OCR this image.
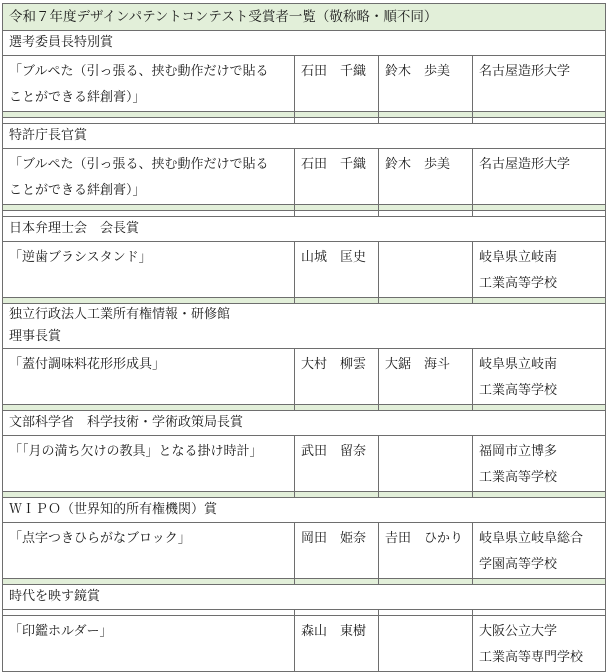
令和７年度デザインパテントコンテスト受賞者一覧（敬称略・順不同）			
選考委員長特別賞			

「ブルペた（引っ張る、挟む動作だけで貼る
ことができる絆創膏）」	石田　千織	鈴木　歩美	名古屋造形大学

特許庁長官賞			

「ブルペた（引っ張る、挟む動作だけで貼る
ことができる絆創膏）」	石田　千織	鈴木　歩美	名古屋造形大学

日本弁理士会　会長賞			

「逆歯ブラシスタンド」	山城　匡史		岐阜県立岐南
工業高等学校

独立行政法人工業所有権情報・研修館
理事長賞			

「蓋付調味料花形形成具」	大村　柳雲	大鋸　海斗	岐阜県立岐南
工業高等学校

文部科学省　科学技術・学術政策局長賞			

「「月の満ち欠けの教具」となる掛け時計」	武田　留奈		福岡市立博多
工業高等学校

ＷＩＰＯ（世界知的所有権機関）賞			

「点字つきひらがなブロック」	岡田　姫奈	𠮷田　ひかり	岐阜県立岐阜総合
学園高等学校

時代を映す鏡賞			

「印鑑ホルダー」	森山　東樹		大阪公立大学
工業高等専門学校
